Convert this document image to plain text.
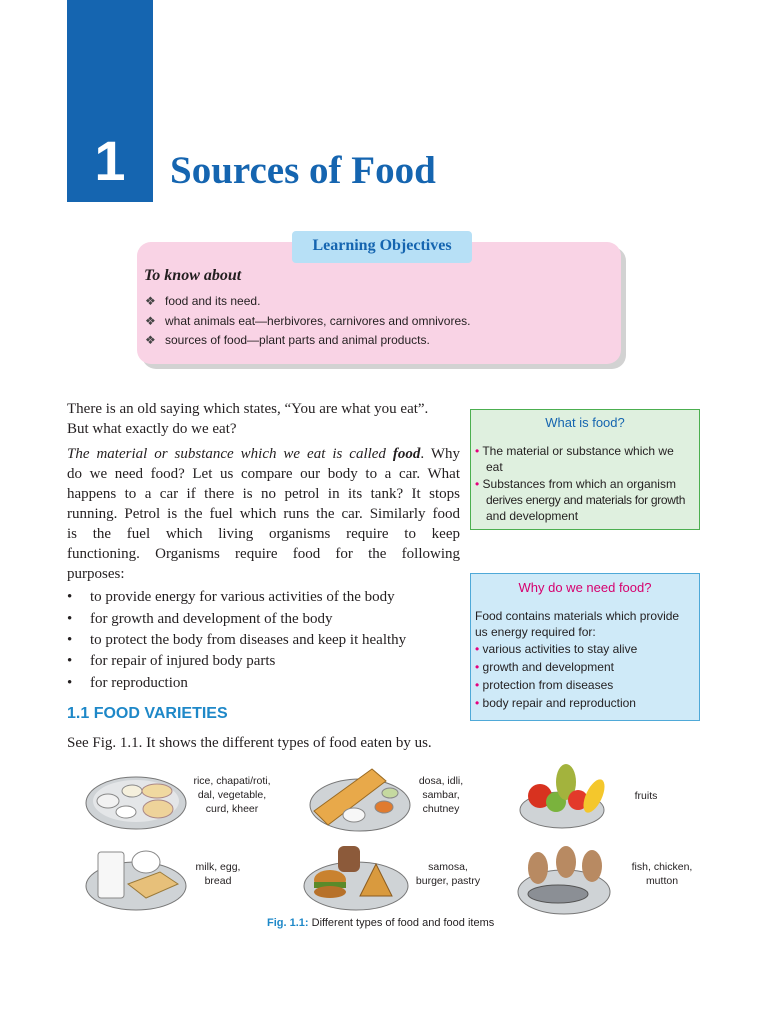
1	Sources of Food
Learning Objectives
To know about
❖ food and its need.
❖ what animals eat—herbivores, carnivores and omnivores.
❖ sources of food—plant parts and animal products.
There is an old saying which states, “You are what you eat”.
But what exactly do we eat?
The material or substance which we eat is called food. Why
do we need food? Let us compare our body to a car. What
happens to a car if there is no petrol in its tank? It stops
running. Petrol is the fuel which runs the car. Similarly food
is the fuel which living organisms require to keep
functioning. Organisms require food for the following
purposes:
• to provide energy for various activities of the body
• for growth and development of the body
• to protect the body from diseases and keep it healthy
• for repair of injured body parts
• for reproduction
What is food?
• The material or substance which we
eat
• Substances from which an organism
derives energy and materials for growth
and development
Why do we need food?
Food contains materials which provide
us energy required for:
• various activities to stay alive
• growth and development
• protection from diseases
• body repair and reproduction
1.1 FOOD VARIETIES
See Fig. 1.1. It shows the different types of food eaten by us.
rice, chapati/roti,
dal, vegetable,
curd, kheer
dosa, idli,
sambar,
chutney
fruits
milk, egg,
bread
samosa,
burger, pastry
fish, chicken,
mutton
Fig. 1.1: Different types of food and food items
